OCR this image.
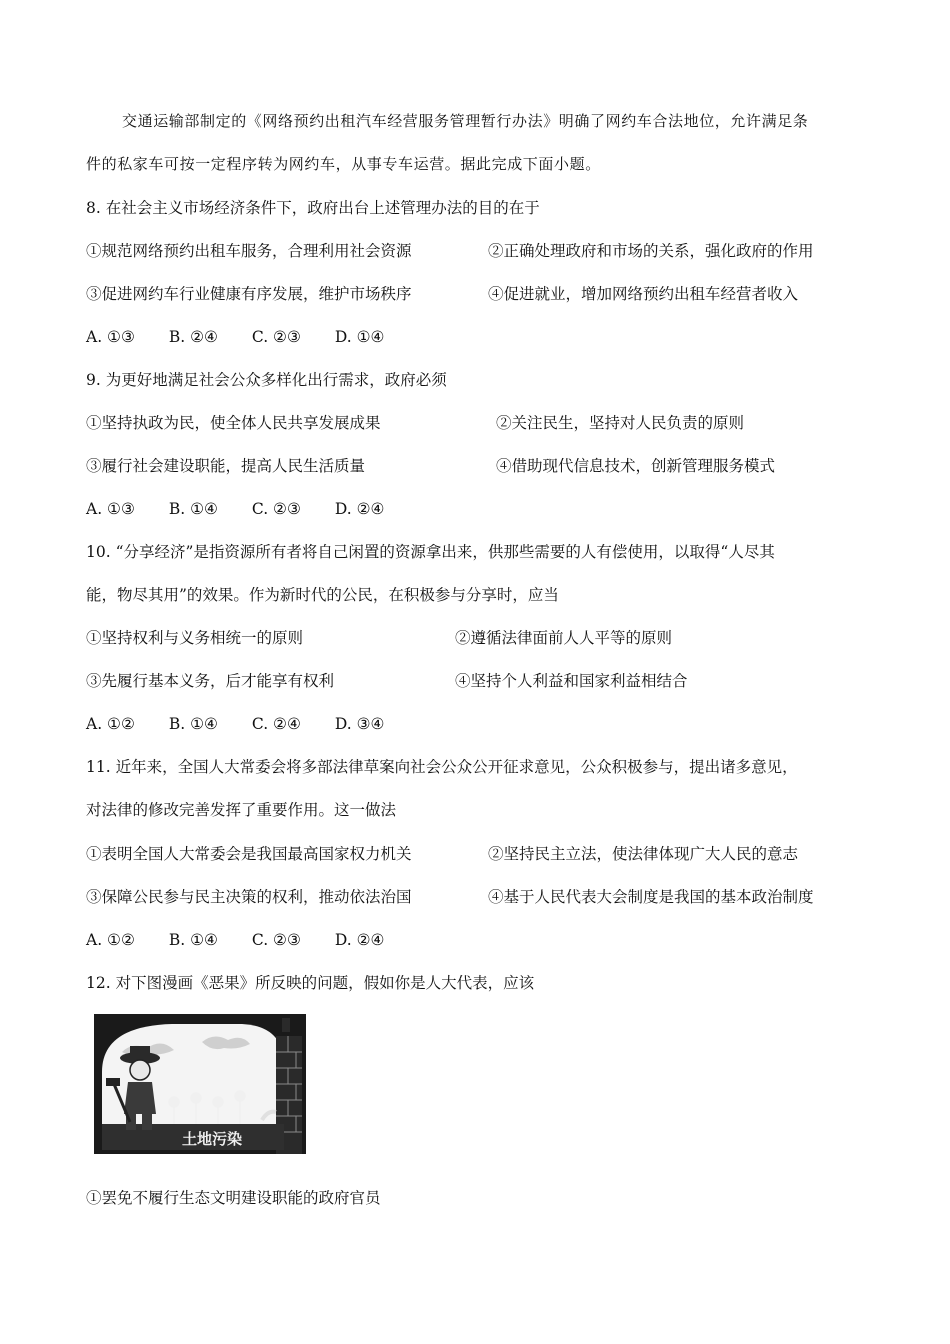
交通运输部制定的《网络预约出租汽车经营服务管理暂行办法》明确了网约车合法地位，允许满足条
件的私家车可按一定程序转为网约车，从事专车运营。据此完成下面小题。
8. 在社会主义市场经济条件下，政府出台上述管理办法的目的在于
①规范网络预约出租车服务，合理利用社会资源	②正确处理政府和市场的关系，强化政府的作用
③促进网约车行业健康有序发展，维护市场秩序	④促进就业，增加网络预约出租车经营者收入
A. ①③ B. ②④ C. ②③ D. ①④
9. 为更好地满足社会公众多样化出行需求，政府必须
①坚持执政为民，使全体人民共享发展成果	②关注民生，坚持对人民负责的原则
③履行社会建设职能，提高人民生活质量	④借助现代信息技术，创新管理服务模式
A. ①③ B. ①④ C. ②③ D. ②④
10. “分享经济”是指资源所有者将自己闲置的资源拿出来，供那些需要的人有偿使用，以取得“人尽其
能，物尽其用”的效果。作为新时代的公民，在积极参与分享时，应当
①坚持权利与义务相统一的原则	②遵循法律面前人人平等的原则
③先履行基本义务，后才能享有权利	④坚持个人利益和国家利益相结合
A. ①② B. ①④ C. ②④ D. ③④
11. 近年来，全国人大常委会将多部法律草案向社会公众公开征求意见，公众积极参与，提出诸多意见，
对法律的修改完善发挥了重要作用。这一做法
①表明全国人大常委会是我国最高国家权力机关	②坚持民主立法，使法律体现广大人民的意志
③保障公民参与民主决策的权利，推动依法治国	④基于人民代表大会制度是我国的基本政治制度
A. ①② B. ①④ C. ②③ D. ②④
12. 对下图漫画《恶果》所反映的问题，假如你是人大代表，应该
土地污染
①罢免不履行生态文明建设职能的政府官员
